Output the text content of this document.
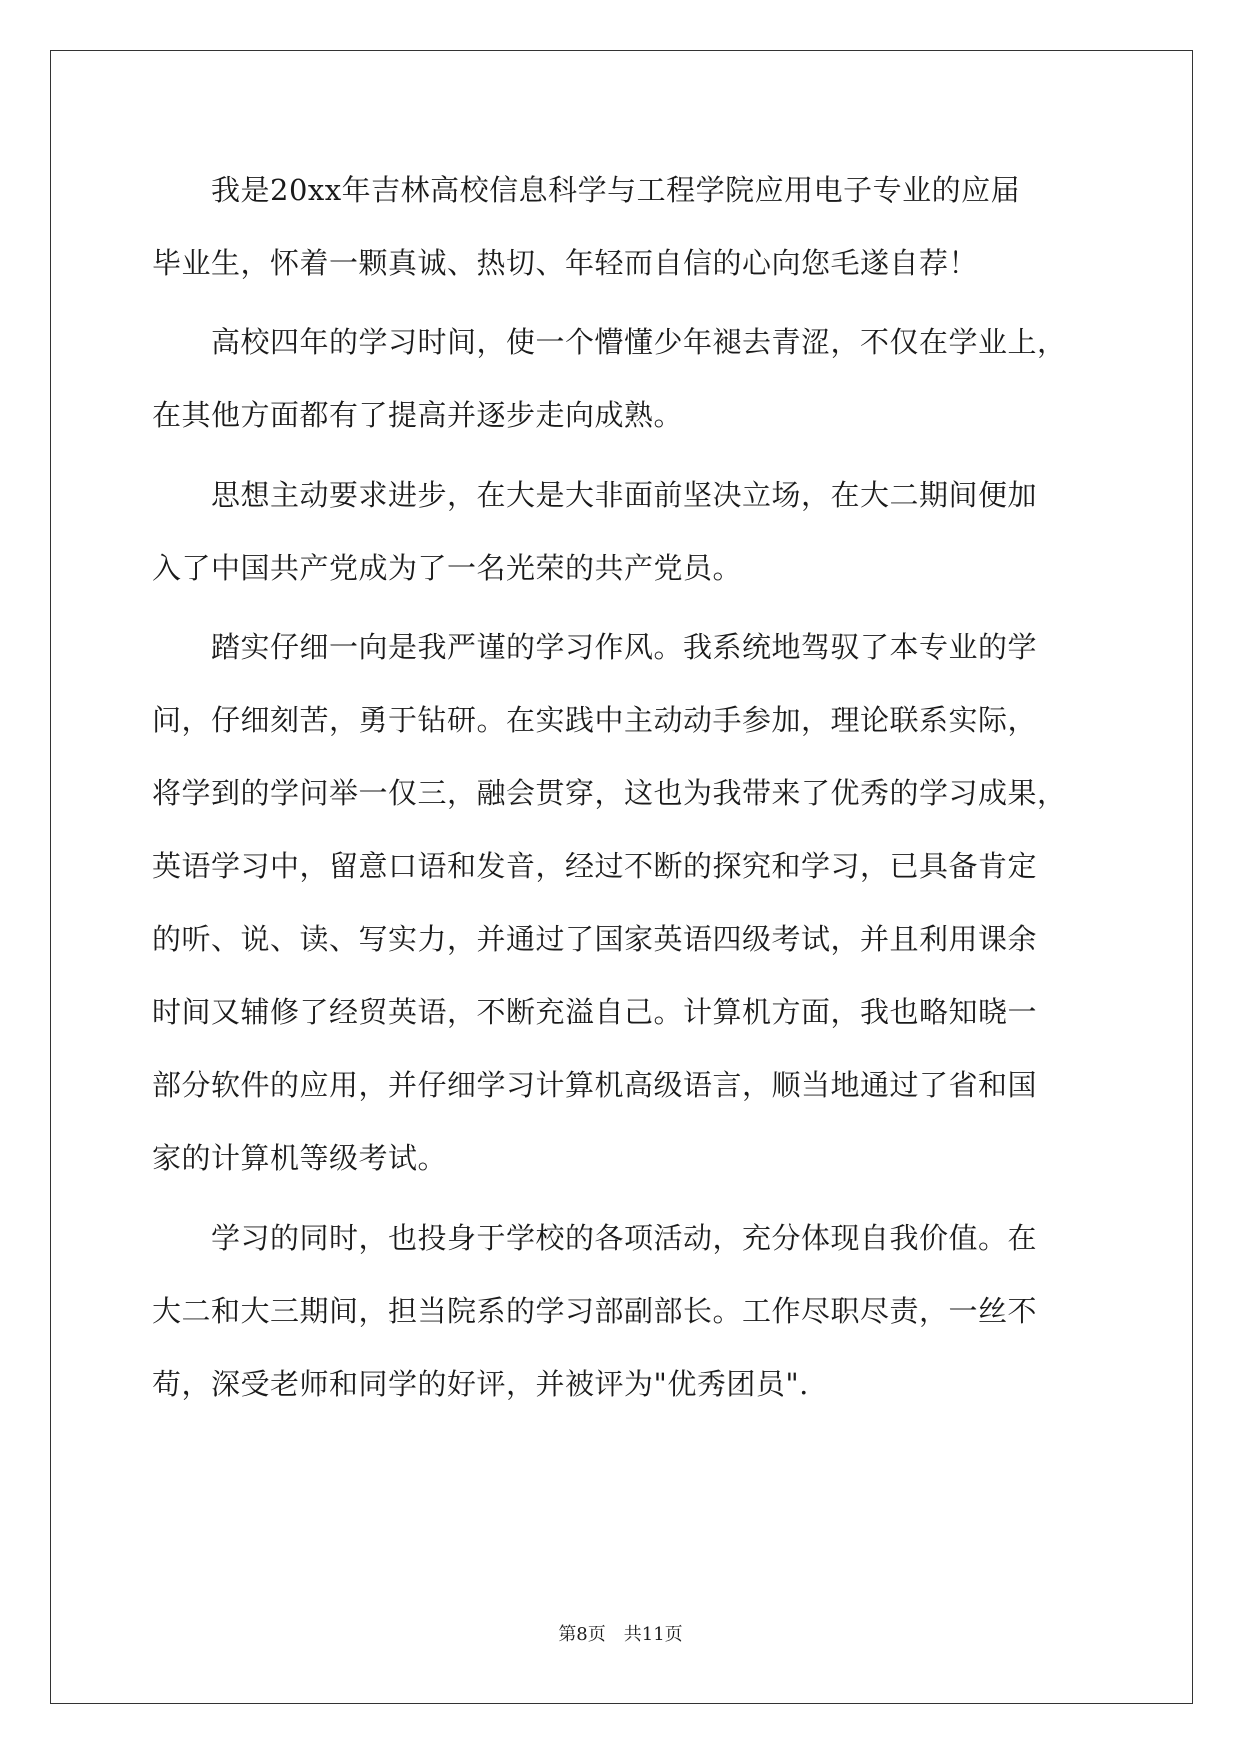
　　我是20xx年吉林高校信息科学与工程学院应用电子专业的应届
毕业生，怀着一颗真诚、热切、年轻而自信的心向您毛遂自荐！
　　高校四年的学习时间，使一个懵懂少年褪去青涩，不仅在学业上，
在其他方面都有了提高并逐步走向成熟。
　　思想主动要求进步，在大是大非面前坚决立场，在大二期间便加
入了中国共产党成为了一名光荣的共产党员。
　　踏实仔细一向是我严谨的学习作风。我系统地驾驭了本专业的学
问，仔细刻苦，勇于钻研。在实践中主动动手参加，理论联系实际，
将学到的学问举一仅三，融会贯穿，这也为我带来了优秀的学习成果，
英语学习中，留意口语和发音，经过不断的探究和学习，已具备肯定
的听、说、读、写实力，并通过了国家英语四级考试，并且利用课余
时间又辅修了经贸英语，不断充溢自己。计算机方面，我也略知晓一
部分软件的应用，并仔细学习计算机高级语言，顺当地通过了省和国
家的计算机等级考试。
　　学习的同时，也投身于学校的各项活动，充分体现自我价值。在
大二和大三期间，担当院系的学习部副部长。工作尽职尽责，一丝不
苟，深受老师和同学的好评，并被评为"优秀团员".
第8页　共11页
